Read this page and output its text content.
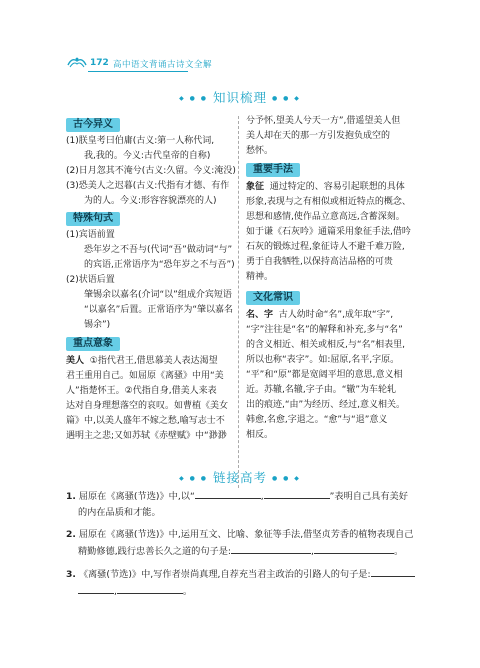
172 高中语文背诵古诗文全解
◆ ● ● 知识梳理 ● ● ◆
古今异义
(1)朕皇考曰伯庸(古义:第一人称代词,
我,我的。今义:古代皇帝的自称)
(2)日月忽其不淹兮(古义:久留。今义:淹没)
(3)恐美人之迟暮(古义:代指有才德、有作
为的人。今义:形容容貌漂亮的人)
特殊句式
(1)宾语前置
恐年岁之不吾与(代词“吾”做动词“与”
的宾语,正常语序为“恐年岁之不与吾”)
(2)状语后置
肇锡余以嘉名(介词“以”组成介宾短语
“以嘉名”后置。正常语序为“肇以嘉名
锡余”)
重点意象
美人 ①指代君王,借思慕美人表达渴望
君王重用自己。如屈原《离骚》中用“美
人”指楚怀王。②代指自身,借美人来表
达对自身理想落空的哀叹。如曹植《美女
篇》中,以美人盛年不嫁之愁,喻写志士不
遇明主之悲;又如苏轼《赤壁赋》中“渺渺
兮予怀,望美人兮天一方”,借遥望美人但
美人却在天的那一方引发抱负成空的
愁怀。
重要手法
象征 通过特定的、容易引起联想的具体
形象,表现与之有相似或相近特点的概念、
思想和感情,使作品立意高远,含蓄深刻。
如于谦《石灰吟》通篇采用象征手法,借吟
石灰的锻炼过程,象征诗人不避千难万险,
勇于自我牺牲,以保持高洁品格的可贵
精神。
文化常识
名、字 古人幼时命“名”,成年取“字”,
“字”注往是“名”的解释和补充,多与“名”
的含义相近、相关或相反,与“名”相表里,
所以也称“表字”。如:屈原,名平,字原。
“平”和“原”都是宽阔平坦的意思,意义相
近。苏辙,名辙,字子由。“辙”为车轮轧
出的痕迹,“由”为经历、经过,意义相关。
韩愈,名愈,字退之。“愈”与“退”意义
相反。
◆ ● ● 链接高考 ● ● ◆
1. 屈原在《离骚(节选)》中,以“	,	”表明自己具有美好
的内在品质和才能。
2. 屈原在《离骚(节选)》中,运用互文、比喻、象征等手法,借坚贞芳香的植物表现自己
精勤修德,践行忠善长久之道的句子是:	,	。
3. 《离骚(节选)》中,写作者崇尚真理,自荐充当君主政治的引路人的句子是:
,	。
